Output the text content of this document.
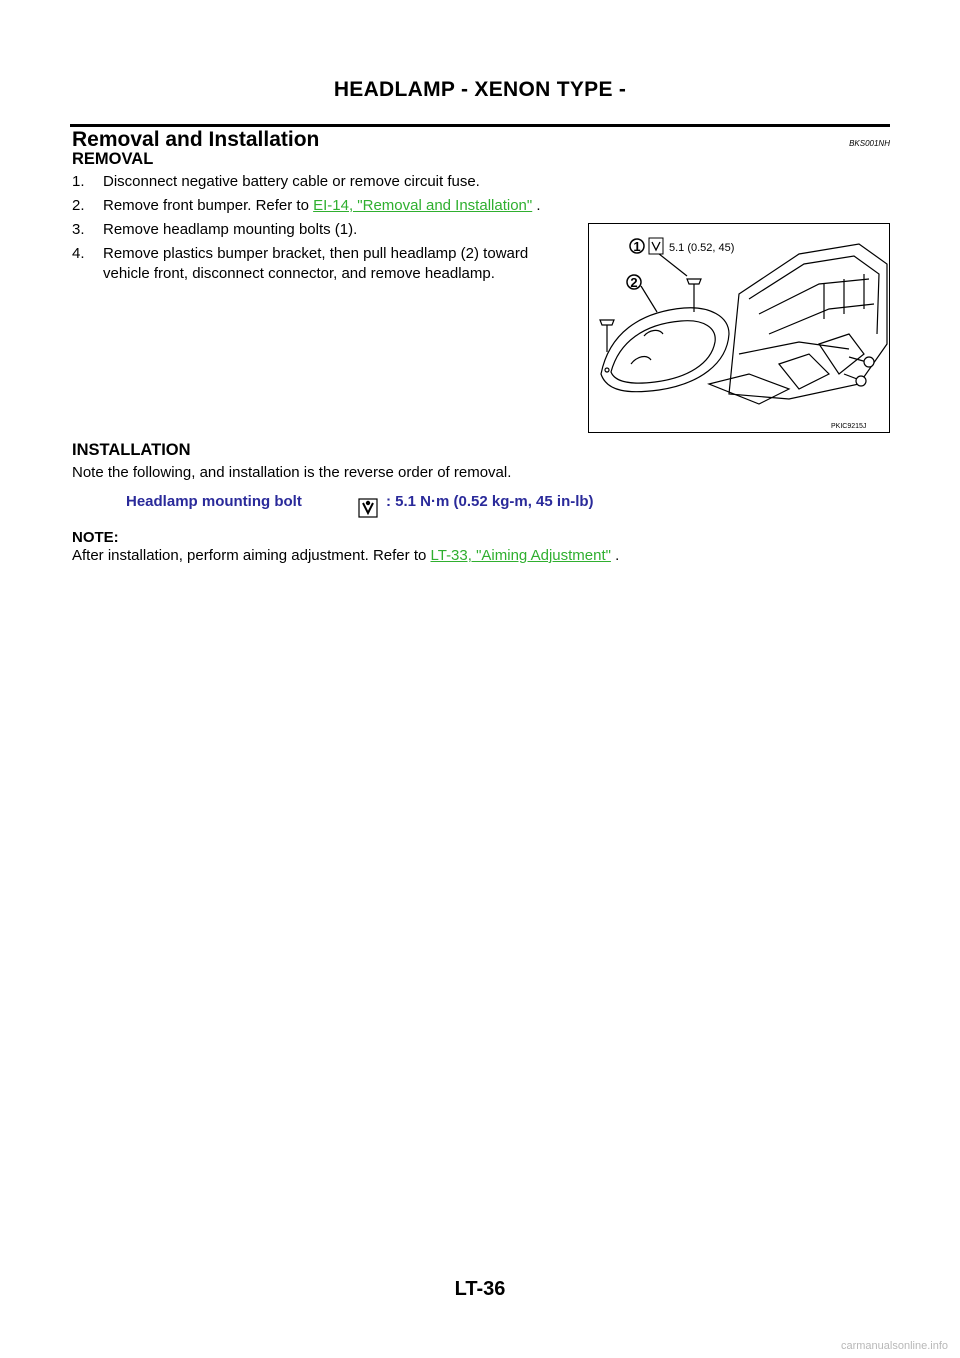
HEADLAMP - XENON TYPE -
Removal and Installation	BKS001NH
REMOVAL
1. Disconnect negative battery cable or remove circuit fuse.
2. Remove front bumper. Refer to EI-14, "Removal and Installation" .
3. Remove headlamp mounting bolts (1).
4. Remove plastics bumper bracket, then pull headlamp (2) toward vehicle front, disconnect connector, and remove headlamp.
1	5.1 (0.52, 45)
2
PKIC9215J
INSTALLATION
Note the following, and installation is the reverse order of removal.
Headlamp mounting bolt	: 5.1 N·m (0.52 kg-m, 45 in-lb)
NOTE:
After installation, perform aiming adjustment. Refer to LT-33, "Aiming Adjustment" .
LT-36
carmanualsonline.info
